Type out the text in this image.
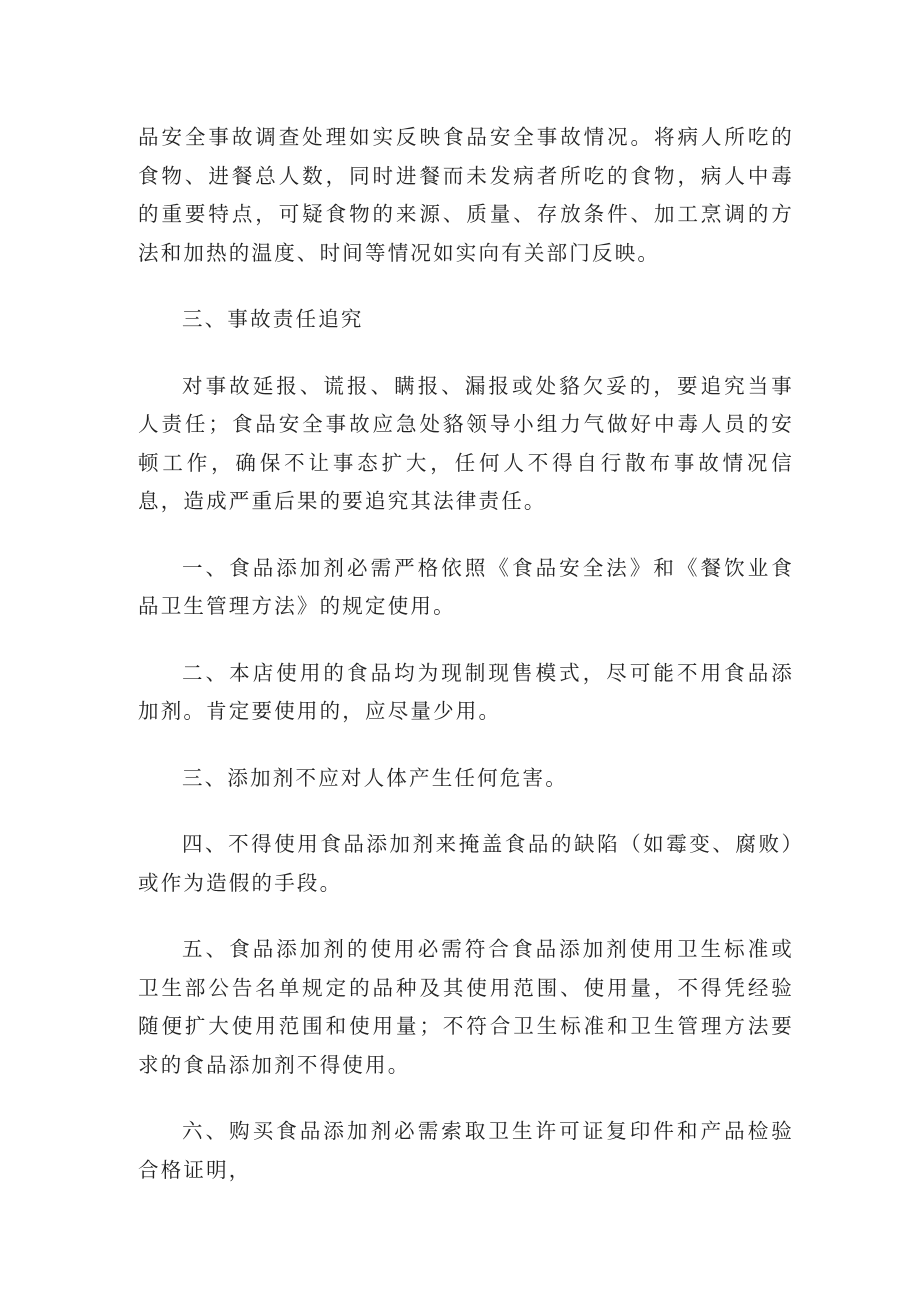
品安全事故调查处理如实反映食品安全事故情况。将病人所吃的食物、进餐总人数，同时进餐而未发病者所吃的食物，病人中毒的重要特点，可疑食物的来源、质量、存放条件、加工烹调的方法和加热的温度、时间等情况如实向有关部门反映。

三、事故责任追究

对事故延报、谎报、瞒报、漏报或处貉欠妥的，要追究当事人责任；食品安全事故应急处貉领导小组力气做好中毒人员的安顿工作，确保不让事态扩大，任何人不得自行散布事故情况信息，造成严重后果的要追究其法律责任。

一、食品添加剂必需严格依照《食品安全法》和《餐饮业食品卫生管理方法》的规定使用。

二、本店使用的食品均为现制现售模式，尽可能不用食品添加剂。肯定要使用的，应尽量少用。

三、添加剂不应对人体产生任何危害。

四、不得使用食品添加剂来掩盖食品的缺陷（如霉变、腐败）或作为造假的手段。

五、食品添加剂的使用必需符合食品添加剂使用卫生标准或卫生部公告名单规定的品种及其使用范围、使用量，不得凭经验随便扩大使用范围和使用量；不符合卫生标准和卫生管理方法要求的食品添加剂不得使用。

六、购买食品添加剂必需索取卫生许可证复印件和产品检验合格证明，
